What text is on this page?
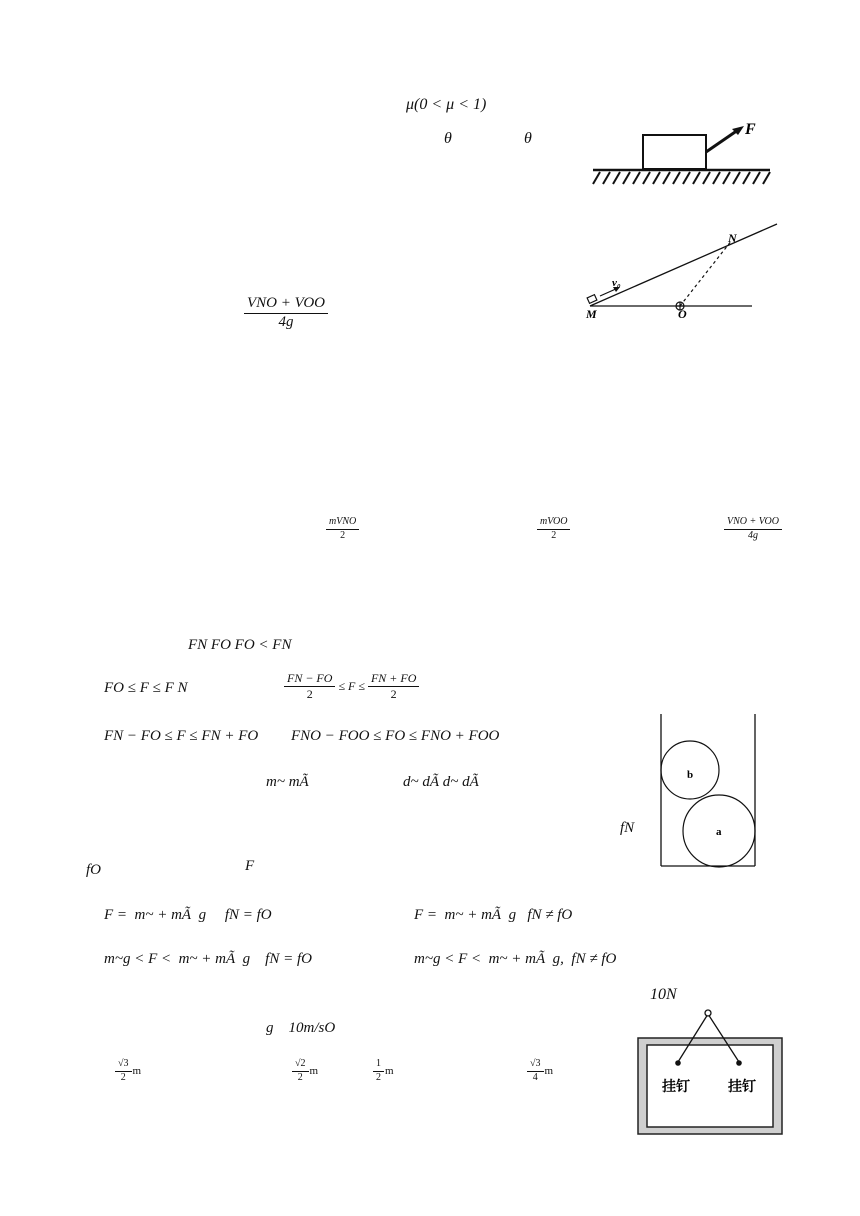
μ(0 < μ < 1)
θ	θ
F
VNO + VOO
4g
v₀
N
M	O
mVNO
2
mVOO
2
VNO + VOO
4g
FN FO FO < FN
FO ≤ F ≤ F N	$\frac{FN - FO}{2} \le F \le \frac{FN + FO}{2}$
FN − FO ≤ F ≤ FN + FO FNO − FOO ≤ FO ≤ FNO + FOO
m~ mÃ	d~ dÃ d~ dÃ
fN
fO	F
b
a
F =  m~ + mÃ  g     fN = fO	F =  m~ + mÃ  g   fN ≠ fO
m~g < F <  m~ + mÃ  g    fN = fO	m~g < F <  m~ + mÃ  g,  fN ≠ fO
10N
g    10m/sO
$\frac{√3}{2}$ m	$\frac{√2}{2}$ m	$\frac{1}{2}$ m	$\frac{√3}{4}$ m
挂钉	挂钉
